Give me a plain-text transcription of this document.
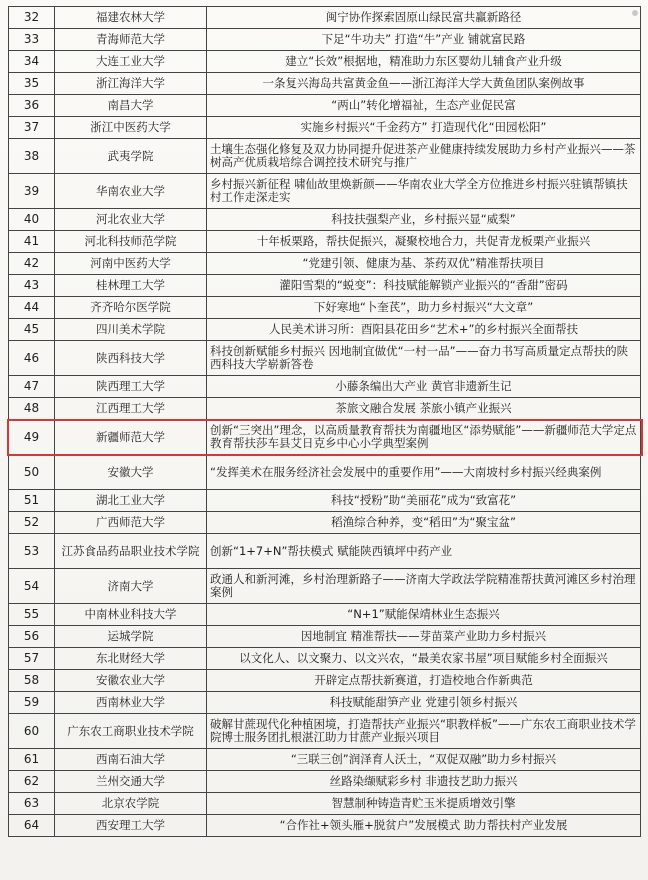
32	福建农林大学	闽宁协作探索固原山绿民富共赢新路径
33	青海师范大学	下足“牛功夫” 打造“牛”产业 铺就富民路
34	大连工业大学	建立“长效”根据地，精准助力东区婴幼儿辅食产业升级
35	浙江海洋大学	一条复兴海岛共富黄金鱼——浙江海洋大学大黄鱼团队案例故事
36	南昌大学	“两山”转化增福祉，生态产业促民富
37	浙江中医药大学	实施乡村振兴“千金药方” 打造现代化“田园松阳”
38	武夷学院	土壤生态强化修复及双力协同提升促进茶产业健康持续发展助力乡村产业振兴——茶树高产优质栽培综合调控技术研究与推广
39	华南农业大学	乡村振兴新征程 啸仙故里焕新颜——华南农业大学全方位推进乡村振兴驻镇帮镇扶村工作走深走实
40	河北农业大学	科技扶强梨产业，乡村振兴显“威梨”
41	河北科技师范学院	十年板栗路，帮扶促振兴，凝聚校地合力，共促青龙板栗产业振兴
42	河南中医药大学	“党建引领、健康为基、茶药双优”精准帮扶项目
43	桂林理工大学	灌阳雪梨的“蜕变”：科技赋能解锁产业振兴的“香甜”密码
44	齐齐哈尔医学院	下好寒地“卜奎芪”，助力乡村振兴“大文章”
45	四川美术学院	人民美术讲习所：酉阳县花田乡“艺术+”的乡村振兴全面帮扶
46	陕西科技大学	科技创新赋能乡村振兴 因地制宜做优“一村一品”——奋力书写高质量定点帮扶的陕西科技大学崭新答卷
47	陕西理工大学	小藤条编出大产业 黄官非遗新生记
48	江西理工大学	茶旅文融合发展 茶旅小镇产业振兴
49	新疆师范大学	创新“三突出”理念，以高质量教育帮扶为南疆地区“添势赋能”——新疆师范大学定点教育帮扶莎车县艾日克乡中心小学典型案例
50	安徽大学	“发挥美术在服务经济社会发展中的重要作用”——大南坡村乡村振兴经典案例
51	湖北工业大学	科技“授粉”助“美丽花”成为“致富花”
52	广西师范大学	稻渔综合种养，变“稻田”为“聚宝盆”
53	江苏食品药品职业技术学院	创新“1+7+N”帮扶模式 赋能陕西镇坪中药产业
54	济南大学	政通人和新河滩，乡村治理新路子——济南大学政法学院精准帮扶黄河滩区乡村治理案例
55	中南林业科技大学	“N+1”赋能保靖林业生态振兴
56	运城学院	因地制宜 精准帮扶——芽苗菜产业助力乡村振兴
57	东北财经大学	以文化人、以文聚力、以文兴农，“最美农家书屋”项目赋能乡村全面振兴
58	安徽农业大学	开辟定点帮扶新赛道，打造校地合作新典范
59	西南林业大学	科技赋能甜笋产业 党建引领乡村振兴
60	广东农工商职业技术学院	破解甘蔗现代化种植困境，打造帮扶产业振兴“职教样板”——广东农工商职业技术学院博士服务团扎根湛江助力甘蔗产业振兴项目
61	西南石油大学	“三联三创”润泽育人沃土，“双促双融”助力乡村振兴
62	兰州交通大学	丝路染缬赋彩乡村 非遗技艺助力振兴
63	北京农学院	智慧制种铸造青贮玉米提质增效引擎
64	西安理工大学	“合作社+领头雁+脱贫户”发展模式 助力帮扶村产业发展
